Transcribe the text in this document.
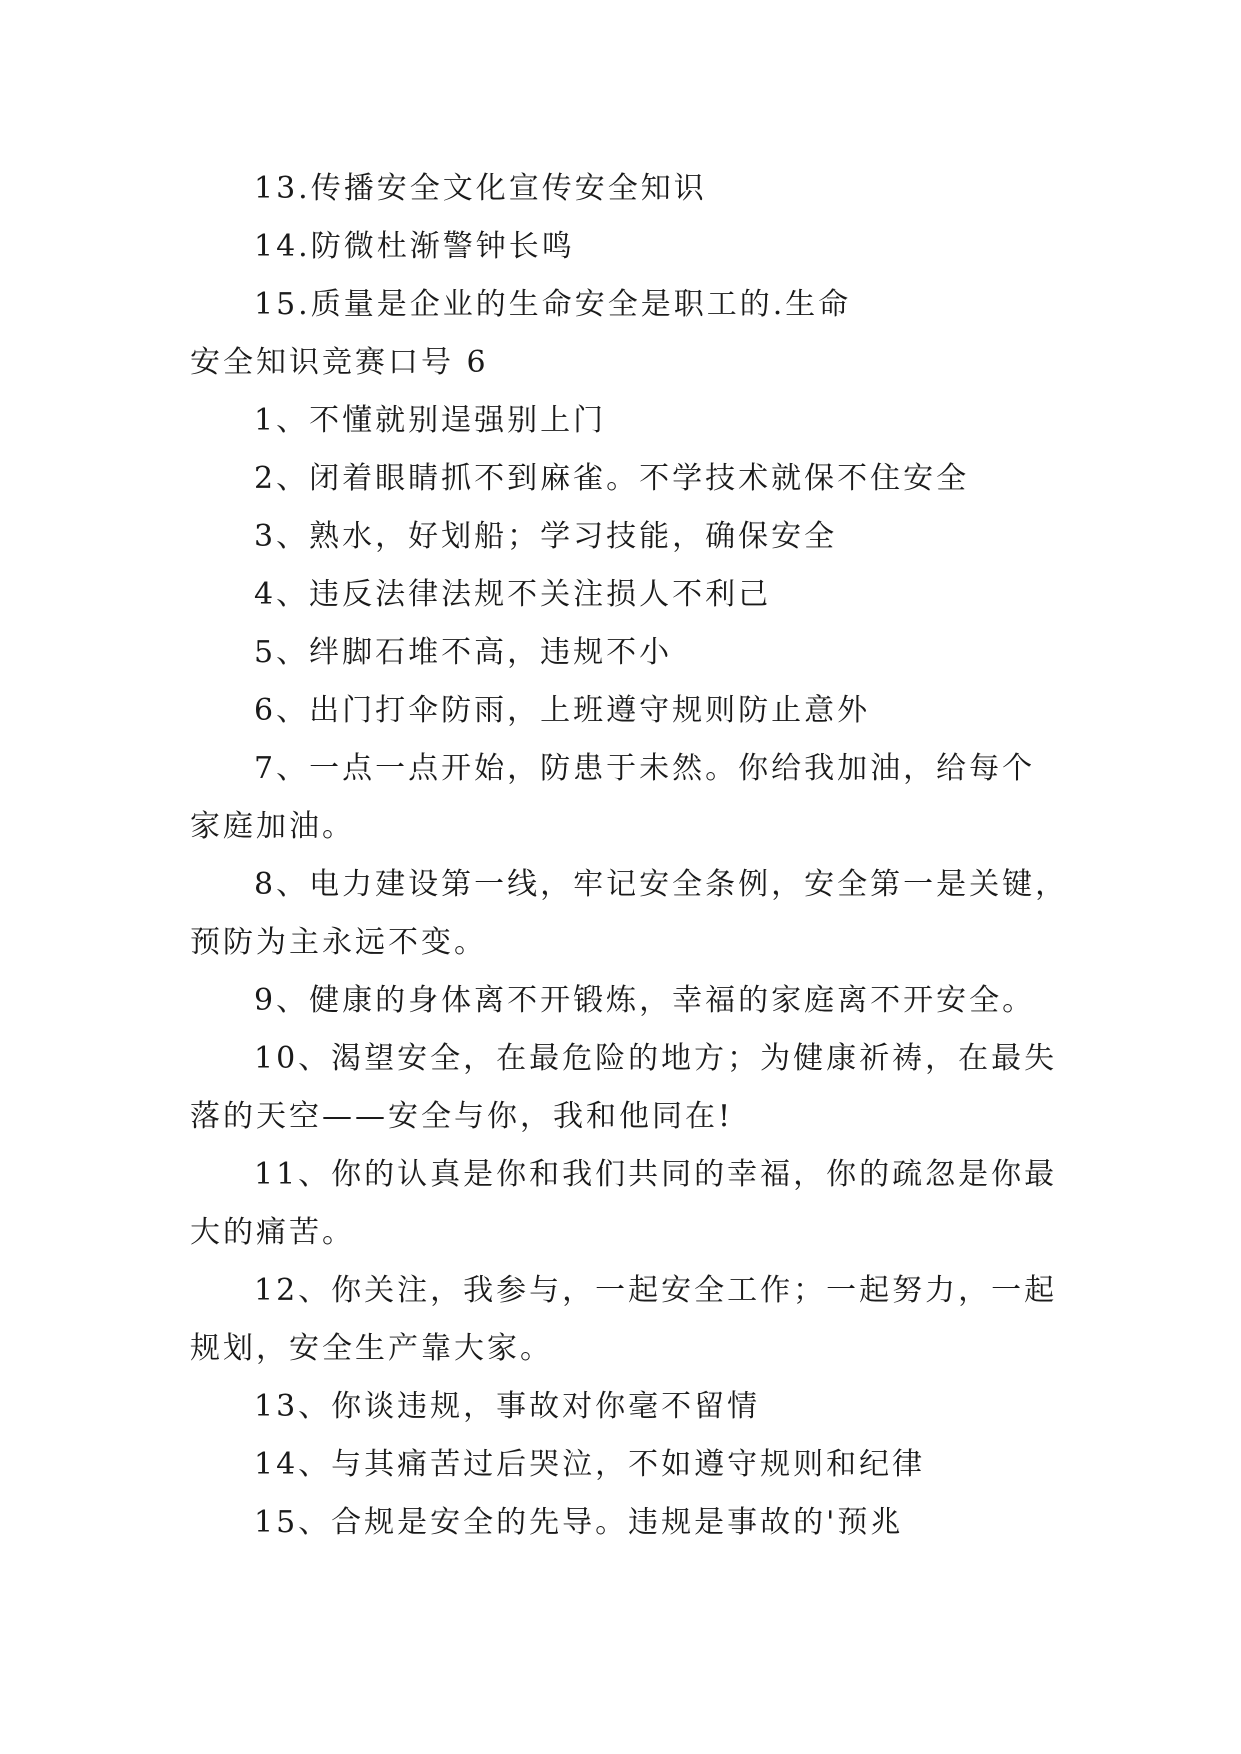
13.传播安全文化宣传安全知识
14.防微杜渐警钟长鸣
15.质量是企业的生命安全是职工的.生命
安全知识竞赛口号 6
1、不懂就别逞强别上门
2、闭着眼睛抓不到麻雀。不学技术就保不住安全
3、熟水，好划船；学习技能，确保安全
4、违反法律法规不关注损人不利己
5、绊脚石堆不高，违规不小
6、出门打伞防雨，上班遵守规则防止意外
7、一点一点开始，防患于未然。你给我加油，给每个
家庭加油。
8、电力建设第一线，牢记安全条例，安全第一是关键，
预防为主永远不变。
9、健康的身体离不开锻炼，幸福的家庭离不开安全。
10、渴望安全，在最危险的地方；为健康祈祷，在最失
落的天空——安全与你，我和他同在!
11、你的认真是你和我们共同的幸福，你的疏忽是你最
大的痛苦。
12、你关注，我参与，一起安全工作；一起努力，一起
规划，安全生产靠大家。
13、你谈违规，事故对你毫不留情
14、与其痛苦过后哭泣，不如遵守规则和纪律
15、合规是安全的先导。违规是事故的'预兆
